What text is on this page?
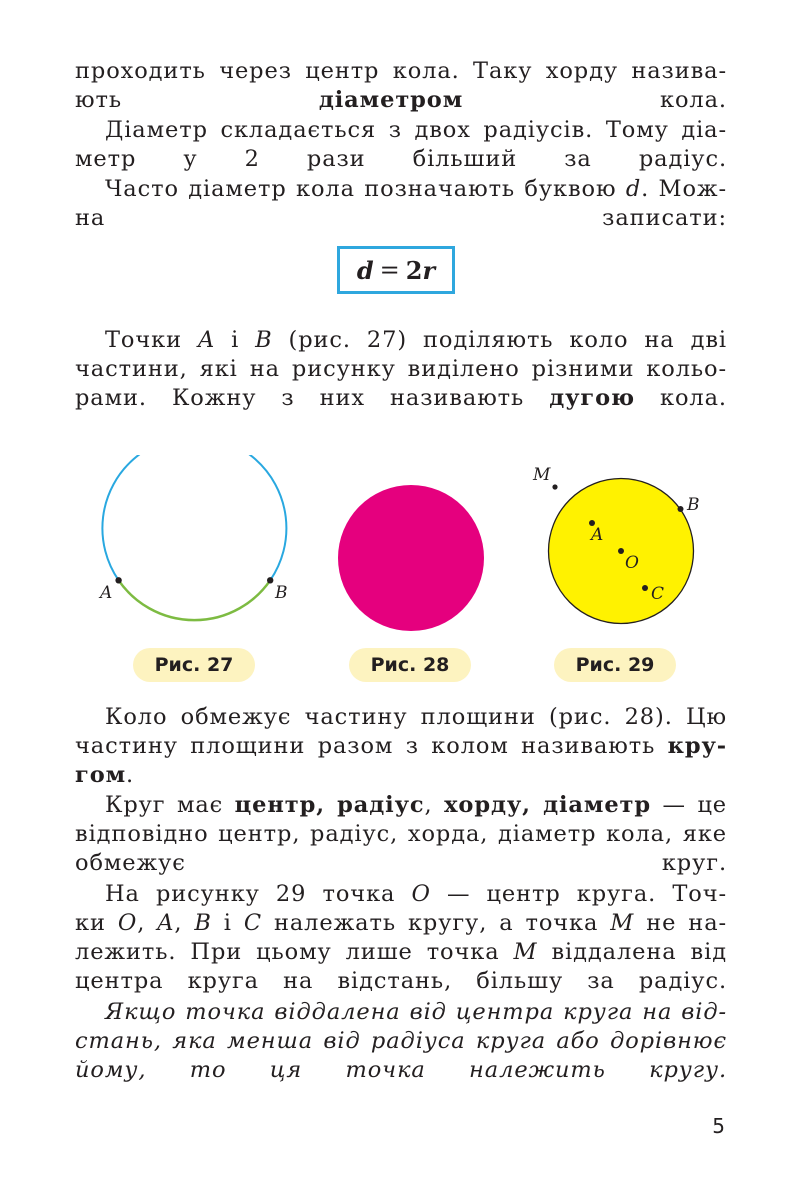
проходить через центр кола. Таку хорду назива-

ють діаметром кола.

Діаметр складається з двох радіусів. Тому діа-

метр у 2 рази більший за радіус.

Часто діаметр кола позначають буквою d. Мож-

на записати:

d = 2 r

Точки A і B (рис. 27) поділяють коло на дві
частини, які на рисунку виділено різними кольо-

рами. Кожну з них називають дугою кола.

A	B
M
B
A
O
C
Рис. 27	Рис. 28	Рис. 29

Коло обмежує частину площини (рис. 28). Цю
частину площини разом з колом називають кру-

гом.

Круг має центр, радіус, хорду, діаметр — це
відповідно центр, радіус, хорда, діаметр кола, яке

обмежує круг.

На рисунку 29 точка O — центр круга. Точ-
ки O, A, B і C належать кругу, а точка M не на-
лежить. При цьому лише точка M віддалена від

центра круга на відстань, більшу за радіус.

Якщо точка віддалена від центра круга на від-
стань, яка менша від радіуса круга або дорівнює

йому, то ця точка належить кругу.

5
